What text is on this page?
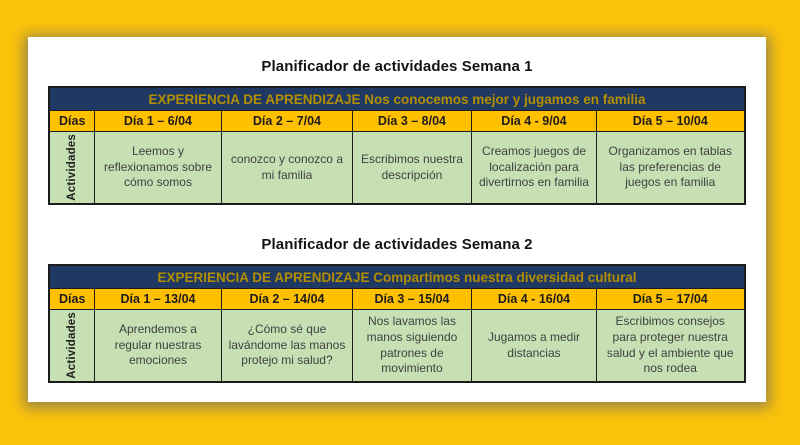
Planificador de actividades Semana 1
EXPERIENCIA DE APRENDIZAJE Nos conocemos mejor y jugamos en familia					
Días	Día 1 – 6/04	Día 2 – 7/04	Día 3 – 8/04	Día 4 - 9/04	Día 5 – 10/04

Actividades	Leemos y reflexionamos sobre cómo somos	conozco y conozco a mi familia	Escribimos nuestra descripción	Creamos juegos de localización para divertirnos en familia	Organizamos en tablas las preferencias de juegos en familia
Planificador de actividades Semana 2
EXPERIENCIA DE APRENDIZAJE Compartimos nuestra diversidad cultural					
Días	Día 1 – 13/04	Día 2 – 14/04	Día 3 – 15/04	Día 4 - 16/04	Día 5 – 17/04

Actividades	Aprendemos a regular nuestras emociones	¿Cómo sé que lavándome las manos protejo mi salud?	Nos lavamos las manos siguiendo patrones de movimiento	Jugamos a medir distancias	Escribimos consejos para proteger nuestra salud y el ambiente que nos rodea
